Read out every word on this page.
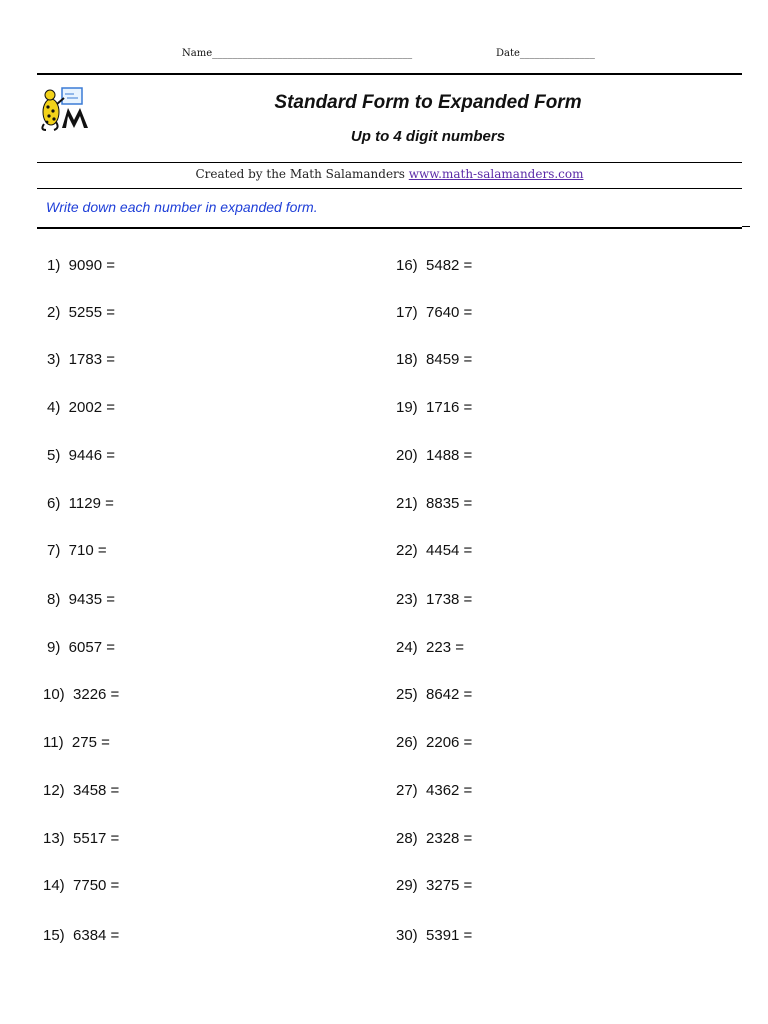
Name________________________________________	Date_______________
Standard Form to Expanded Form
Up to 4 digit numbers
Created by the Math Salamanders www.math-salamanders.com
Write down each number in expanded form.
1)  9090 =
2)  5255 =
3)  1783 =
4)  2002 =
5)  9446 =
6)  1129 =
7)  710 =
8)  9435 =
9)  6057 =
10)  3226 =
11)  275 =
12)  3458 =
13)  5517 =
14)  7750 =
15)  6384 =
16)  5482 =
17)  7640 =
18)  8459 =
19)  1716 =
20)  1488 =
21)  8835 =
22)  4454 =
23)  1738 =
24)  223 =
25)  8642 =
26)  2206 =
27)  4362 =
28)  2328 =
29)  3275 =
30)  5391 =
